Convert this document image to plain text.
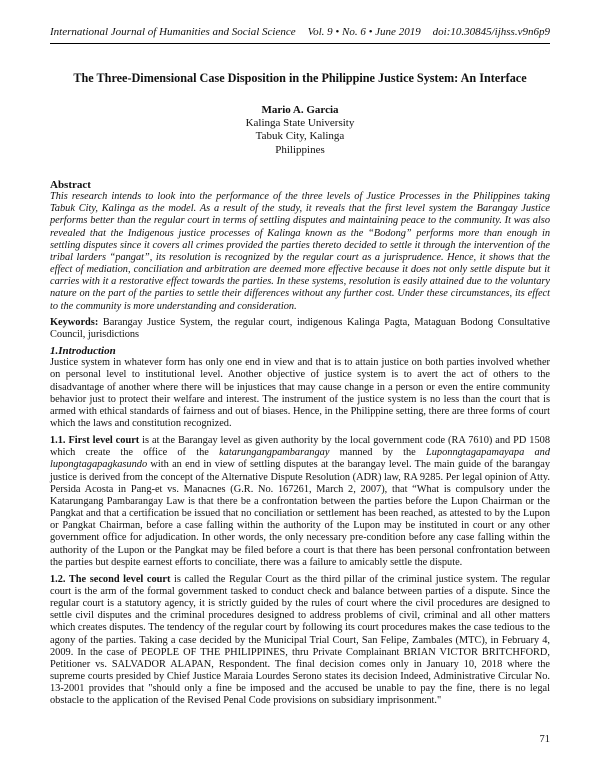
International Journal of Humanities and Social Science Vol. 9 • No. 6 • June 2019 doi:10.30845/ijhss.v9n6p9
The Three-Dimensional Case Disposition in the Philippine Justice System: An Interface
Mario A. Garcia
Kalinga State University
Tabuk City, Kalinga
Philippines

Abstract

This research intends to look into the performance of the three levels of Justice Processes in the Philippines taking Tabuk City, Kalinga as the model. As a result of the study, it reveals that the first level system the Barangay Justice performs better than the regular court in terms of settling disputes and maintaining peace to the community. It was also revealed that the Indigenous justice processes of Kalinga known as the “Bodong” performs more than enough in settling disputes since it covers all crimes provided the parties thereto decided to settle it through the intervention of the tribal larders “pangat”, its resolution is recognized by the regular court as a jurisprudence. Hence, it shows that the effect of mediation, conciliation and arbitration are deemed more effective because it does not only settle dispute but it carries with it a restorative effect towards the parties. In these systems, resolution is easily attained due to the voluntary nature on the part of the parties to settle their differences without any further cost. Under these circumstances, its effect to the community is more understanding and consideration.

Keywords: Barangay Justice System, the regular court, indigenous Kalinga Pagta, Mataguan Bodong Consultative Council, jurisdictions

1.Introduction

Justice system in whatever form has only one end in view and that is to attain justice on both parties involved whether on personal level to institutional level. Another objective of justice system is to avert the act of others to the disadvantage of another where there will be injustices that may cause change in a person or even the entire community behavior just to protect their welfare and interest. The instrument of the justice system is no less than the court that is armed with ethical standards of fairness and out of biases. Hence, in the Philippine setting, there are three forms of court which the laws and constitution recognized.

1.1. First level court is at the Barangay level as given authority by the local government code (RA 7610) and PD 1508 which create the office of the katarungangpambarangay manned by the Luponngtagapamayapa and lupongtagapagkasundo with an end in view of settling disputes at the barangay level. The main guide of the barangay justice is derived from the concept of the Alternative Dispute Resolution (ADR) law, RA 9285. Per legal opinion of Atty. Persida Acosta in Pang-et vs. Manacnes (G.R. No. 167261, March 2, 2007), that “What is compulsory under the Katarungang Pambarangay Law is that there be a confrontation between the parties before the Lupon Chairman or the Pangkat and that a certification be issued that no conciliation or settlement has been reached, as attested to by the Lupon or Pangkat Chairman, before a case falling within the authority of the Lupon may be instituted in court or any other government office for adjudication. In other words, the only necessary pre-condition before any case falling within the authority of the Lupon or the Pangkat may be filed before a court is that there has been personal confrontation between the parties but despite earnest efforts to conciliate, there was a failure to amicably settle the dispute.

1.2. The second level court is called the Regular Court as the third pillar of the criminal justice system. The regular court is the arm of the formal government tasked to conduct check and balance between parties of a dispute. Since the regular court is a statutory agency, it is strictly guided by the rules of court where the civil procedures are designed to settle civil disputes and the criminal procedures designed to address problems of civil, criminal and all other matters which creates disputes. The tendency of the regular court by following its court procedures makes the case tedious to the agony of the parties. Taking a case decided by the Municipal Trial Court, San Felipe, Zambales (MTC), in February 4, 2009. In the case of PEOPLE OF THE PHILIPPINES, thru Private Complainant BRIAN VICTOR BRITCHFORD, Petitioner vs. SALVADOR ALAPAN, Respondent. The final decision comes only in January 10, 2018 where the supreme courts presided by Chief Justice Maraia Lourdes Serono states its decision Indeed, Administrative Circular No. 13-2001 provides that "should only a fine be imposed and the accused be unable to pay the fine, there is no legal obstacle to the application of the Revised Penal Code provisions on subsidiary imprisonment."

71
